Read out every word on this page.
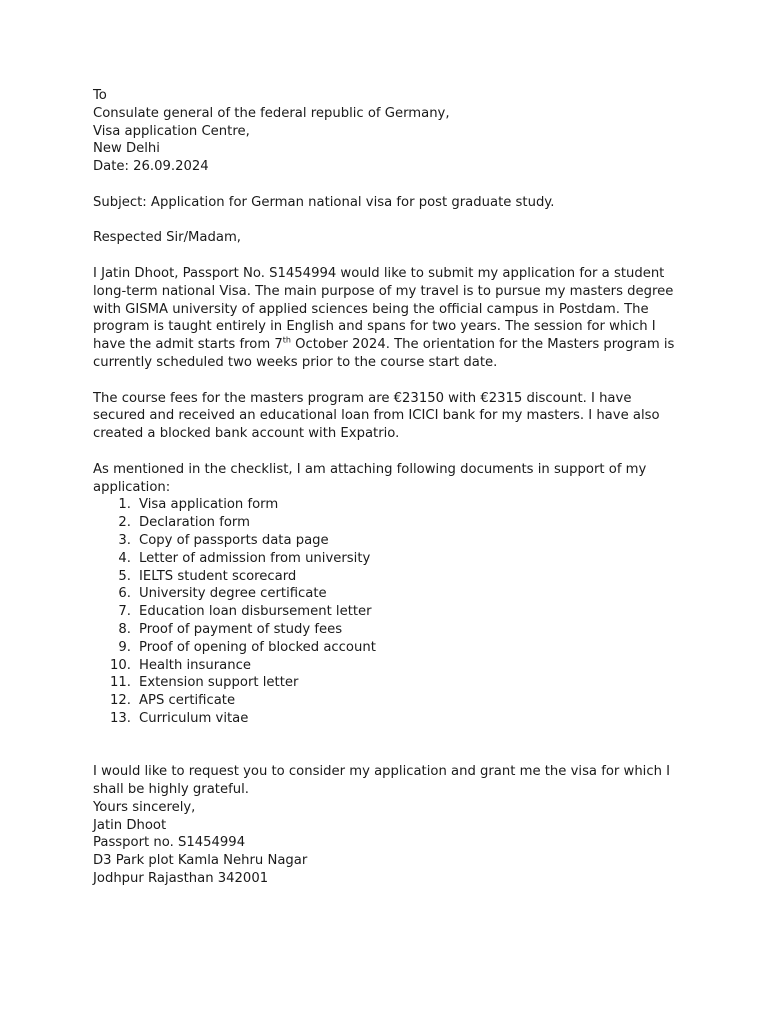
To
Consulate general of the federal republic of Germany,
Visa application Centre,
New Delhi
Date: 26.09.2024
Subject: Application for German national visa for post graduate study.
Respected Sir/Madam,
I Jatin Dhoot, Passport No. S1454994 would like to submit my application for a student long-term national Visa. The main purpose of my travel is to pursue my masters degree with GISMA university of applied sciences being the official campus in Postdam. The program is taught entirely in English and spans for two years. The session for which I have the admit starts from 7th October 2024. The orientation for the Masters program is currently scheduled two weeks prior to the course start date.
The course fees for the masters program are €23150 with €2315 discount. I have secured and received an educational loan from ICICI bank for my masters. I have also created a blocked bank account with Expatrio.
As mentioned in the checklist, I am attaching following documents in support of my application:
1. Visa application form
2. Declaration form
3. Copy of passports data page
4. Letter of admission from university
5. IELTS student scorecard
6. University degree certificate
7. Education loan disbursement letter
8. Proof of payment of study fees
9. Proof of opening of blocked account
10. Health insurance
11. Extension support letter
12. APS certificate
13. Curriculum vitae
I would like to request you to consider my application and grant me the visa for which I shall be highly grateful.
Yours sincerely,
Jatin Dhoot
Passport no. S1454994
D3 Park plot Kamla Nehru Nagar
Jodhpur Rajasthan 342001
